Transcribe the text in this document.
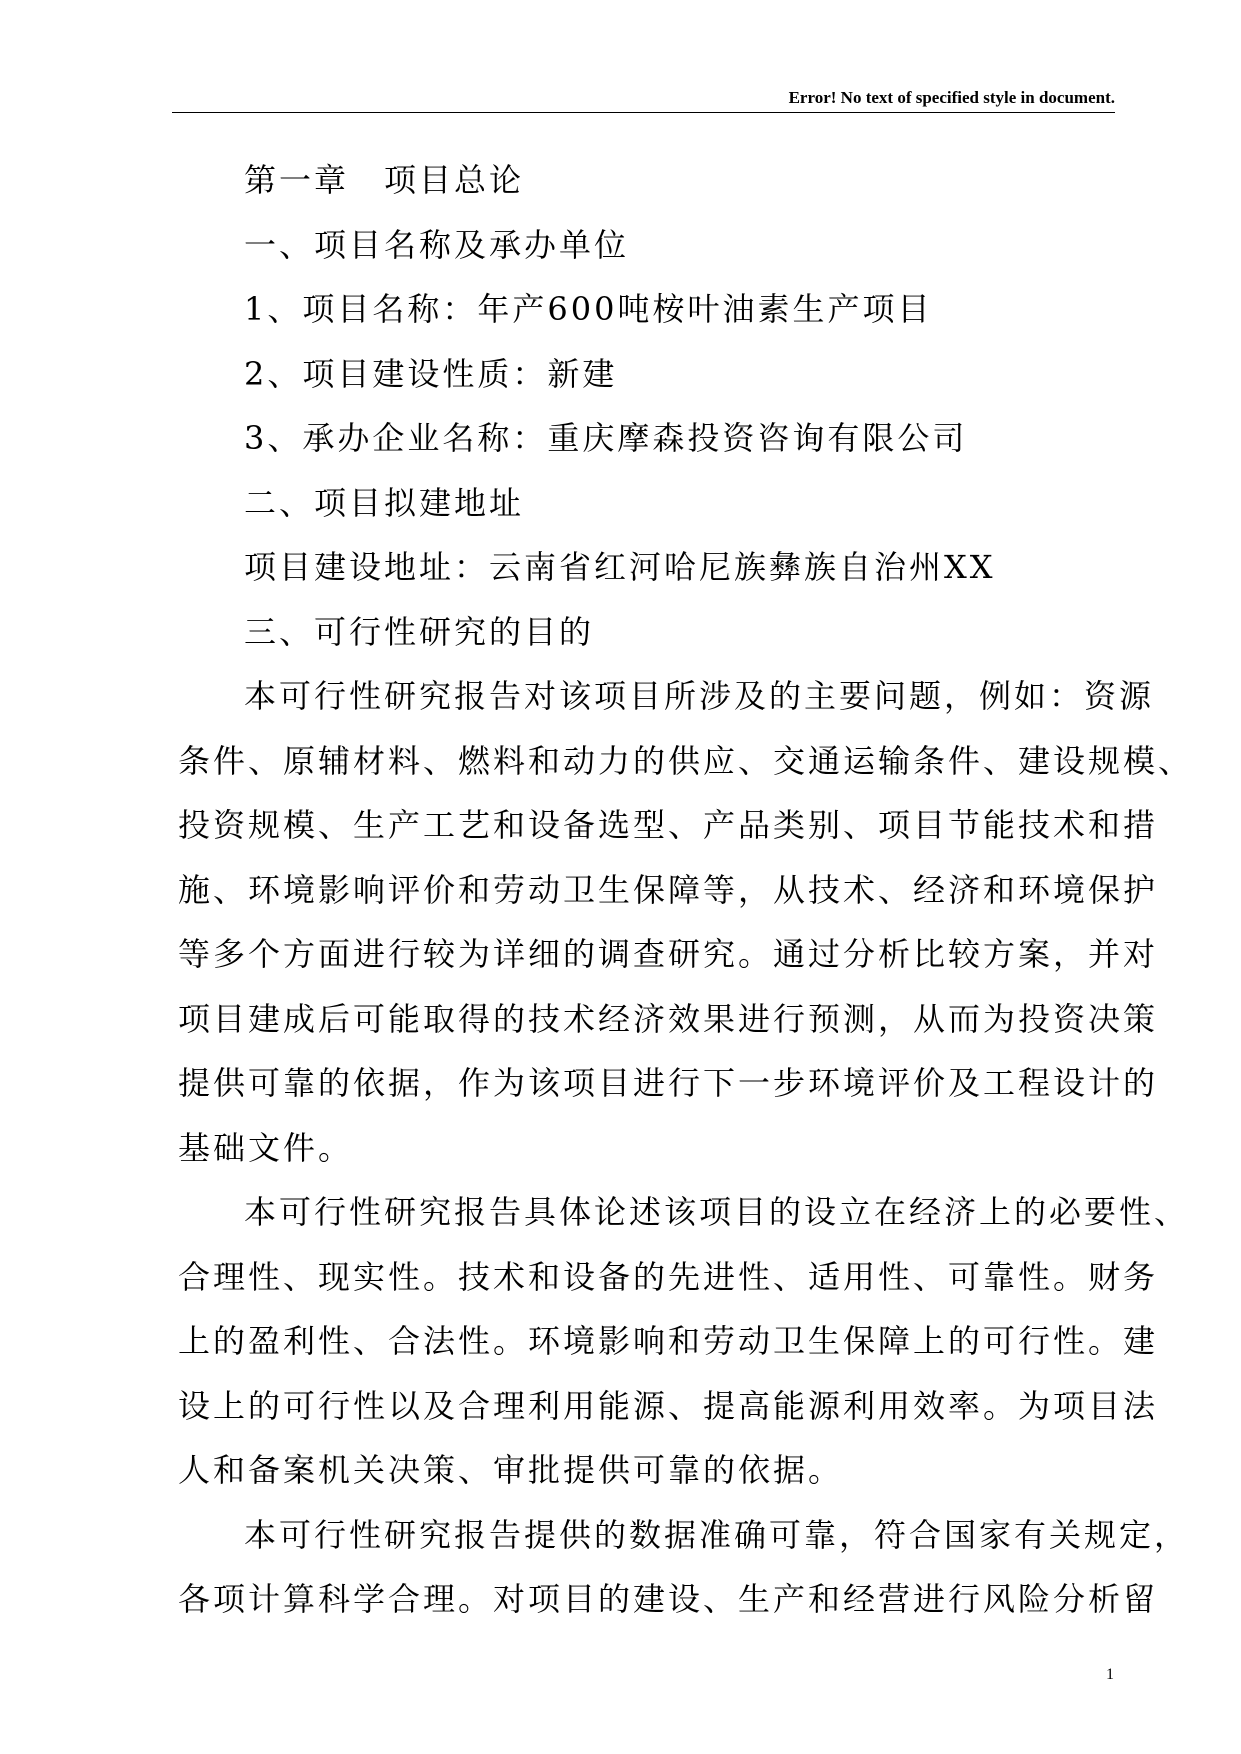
Error! No text of specified style in document.
第一章　项目总论
一、项目名称及承办单位
1、项目名称：年产600吨桉叶油素生产项目
2、项目建设性质：新建
3、承办企业名称：重庆摩森投资咨询有限公司
二、项目拟建地址
项目建设地址：云南省红河哈尼族彝族自治州XX
三、可行性研究的目的
本可行性研究报告对该项目所涉及的主要问题，例如：资源
条件、原辅材料、燃料和动力的供应、交通运输条件、建设规模、
投资规模、生产工艺和设备选型、产品类别、项目节能技术和措
施、环境影响评价和劳动卫生保障等，从技术、经济和环境保护
等多个方面进行较为详细的调查研究。通过分析比较方案，并对
项目建成后可能取得的技术经济效果进行预测，从而为投资决策
提供可靠的依据，作为该项目进行下一步环境评价及工程设计的
基础文件。
本可行性研究报告具体论述该项目的设立在经济上的必要性、
合理性、现实性。技术和设备的先进性、适用性、可靠性。财务
上的盈利性、合法性。环境影响和劳动卫生保障上的可行性。建
设上的可行性以及合理利用能源、提高能源利用效率。为项目法
人和备案机关决策、审批提供可靠的依据。
本可行性研究报告提供的数据准确可靠，符合国家有关规定，
各项计算科学合理。对项目的建设、生产和经营进行风险分析留
1
